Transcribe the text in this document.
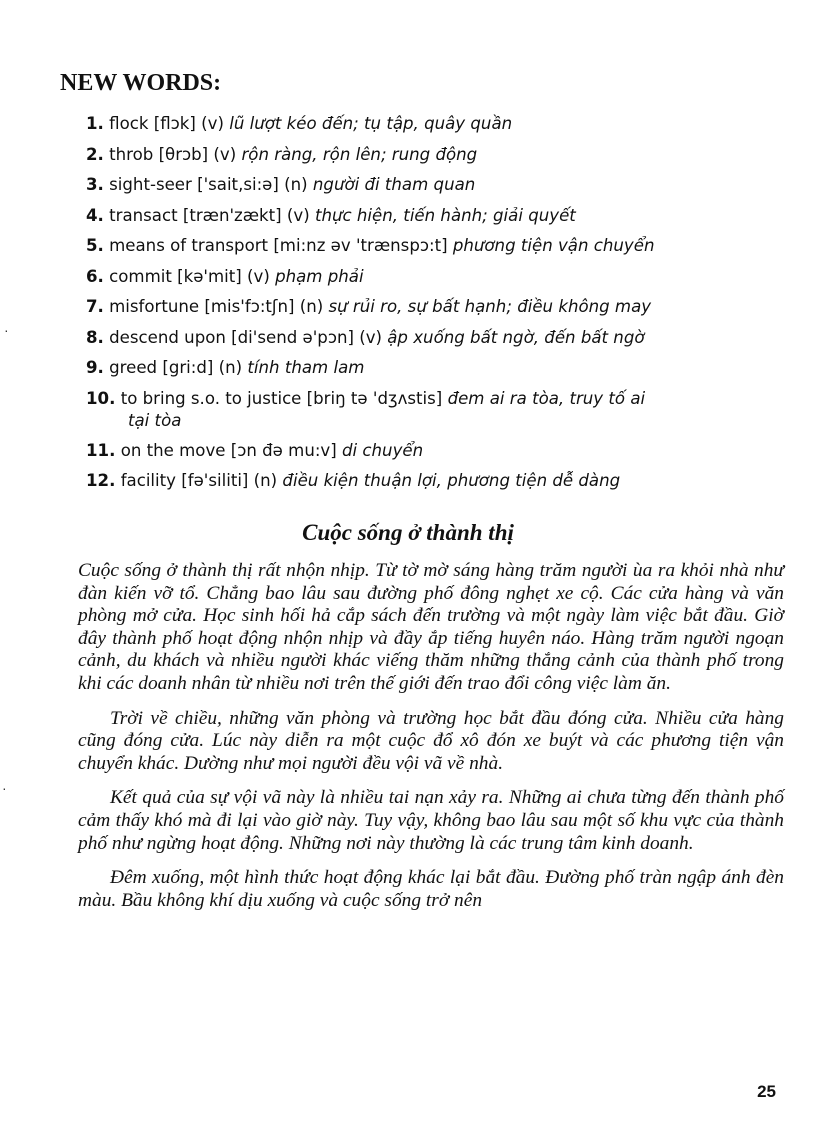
NEW WORDS:
1. flock [flɔk] (v) lũ lượt kéo đến; tụ tập, quây quần
2. throb [θrɔb] (v) rộn ràng, rộn lên; rung động
3. sight-seer ['sait,si:ə] (n) người đi tham quan
4. transact [træn'zækt] (v) thực hiện, tiến hành; giải quyết
5. means of transport [mi:nz əv 'trænspɔ:t] phương tiện vận chuyển
6. commit [kə'mit] (v) phạm phải
7. misfortune [mis'fɔ:tʃn] (n) sự rủi ro, sự bất hạnh; điều không may
8. descend upon [di'send ə'pɔn] (v) ập xuống bất ngờ, đến bất ngờ
9. greed [gri:d] (n) tính tham lam
10. to bring s.o. to justice [briŋ tə 'dʒʌstis] đem ai ra tòa, truy tố ai
tại tòa
11. on the move [ɔn đə mu:v] di chuyển
12. facility [fə'siliti] (n) điều kiện thuận lợi, phương tiện dễ dàng
Cuộc sống ở thành thị

Cuộc sống ở thành thị rất nhộn nhịp. Từ tờ mờ sáng hàng trăm người ùa ra khỏi nhà như đàn kiến vỡ tổ. Chẳng bao lâu sau đường phố đông nghẹt xe cộ. Các cửa hàng và văn phòng mở cửa. Học sinh hối hả cắp sách đến trường và một ngày làm việc bắt đầu. Giờ đây thành phố hoạt động nhộn nhịp và đầy ắp tiếng huyên náo. Hàng trăm người ngoạn cảnh, du khách và nhiều người khác viếng thăm những thắng cảnh của thành phố trong khi các doanh nhân từ nhiều nơi trên thế giới đến trao đổi công việc làm ăn.

Trời về chiều, những văn phòng và trường học bắt đầu đóng cửa. Nhiều cửa hàng cũng đóng cửa. Lúc này diễn ra một cuộc đổ xô đón xe buýt và các phương tiện vận chuyển khác. Dường như mọi người đều vội vã về nhà.

Kết quả của sự vội vã này là nhiều tai nạn xảy ra. Những ai chưa từng đến thành phố cảm thấy khó mà đi lại vào giờ này. Tuy vậy, không bao lâu sau một số khu vực của thành phố như ngừng hoạt động. Những nơi này thường là các trung tâm kinh doanh.

Đêm xuống, một hình thức hoạt động khác lại bắt đầu. Đường phố tràn ngập ánh đèn màu. Bầu không khí dịu xuống và cuộc sống trở nên

·
·
25
